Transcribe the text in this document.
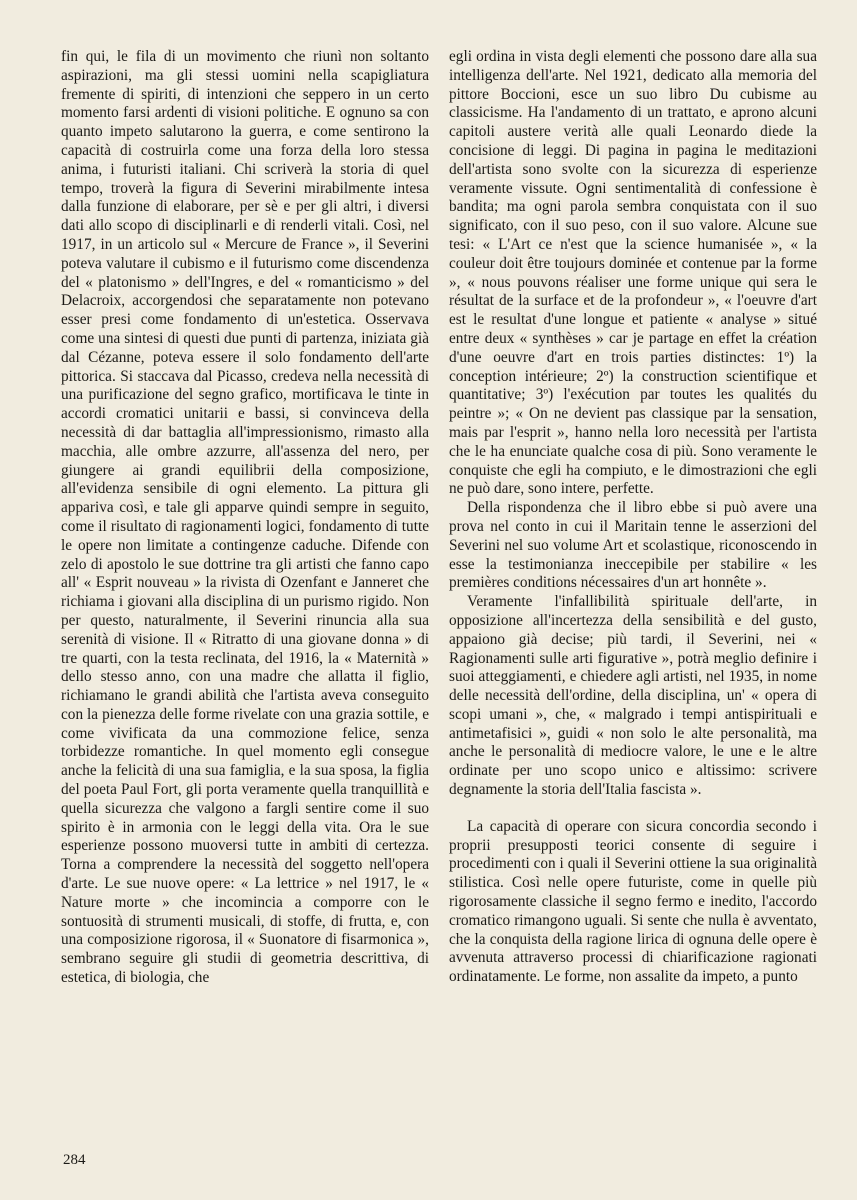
fin qui, le fila di un movimento che riunì non soltanto aspirazioni, ma gli stessi uomini nella scapigliatura fremente di spiriti, di intenzioni che seppero in un certo momento farsi ardenti di visioni politiche. E ognuno sa con quanto impeto salutarono la guerra, e come sentirono la capacità di costruirla come una forza della loro stessa anima, i futuristi italiani. Chi scriverà la storia di quel tempo, troverà la figura di Severini mirabilmente intesa dalla funzione di elaborare, per sè e per gli altri, i diversi dati allo scopo di disciplinarli e di renderli vitali. Così, nel 1917, in un articolo sul « Mercure de France », il Severini poteva valutare il cubismo e il futurismo come discendenza del « platonismo » dell'Ingres, e del « romanticismo » del Delacroix, accorgendosi che separatamente non potevano esser presi come fondamento di un'estetica. Osservava come una sintesi di questi due punti di partenza, iniziata già dal Cézanne, poteva essere il solo fondamento dell'arte pittorica. Si staccava dal Picasso, credeva nella necessità di una purificazione del segno grafico, mortificava le tinte in accordi cromatici unitarii e bassi, si convinceva della necessità di dar battaglia all'impressionismo, rimasto alla macchia, alle ombre azzurre, all'assenza del nero, per giungere ai grandi equilibrii della composizione, all'evidenza sensibile di ogni elemento. La pittura gli appariva così, e tale gli apparve quindi sempre in seguito, come il risultato di ragionamenti logici, fondamento di tutte le opere non limitate a contingenze caduche. Difende con zelo di apostolo le sue dottrine tra gli artisti che fanno capo all' « Esprit nouveau » la rivista di Ozenfant e Janneret che richiama i giovani alla disciplina di un purismo rigido. Non per questo, naturalmente, il Severini rinuncia alla sua serenità di visione. Il « Ritratto di una giovane donna » di tre quarti, con la testa reclinata, del 1916, la « Maternità » dello stesso anno, con una madre che allatta il figlio, richiamano le grandi abilità che l'artista aveva conseguito con la pienezza delle forme rivelate con una grazia sottile, e come vivificata da una commozione felice, senza torbidezze romantiche. In quel momento egli consegue anche la felicità di una sua famiglia, e la sua sposa, la figlia del poeta Paul Fort, gli porta veramente quella tranquillità e quella sicurezza che valgono a fargli sentire come il suo spirito è in armonia con le leggi della vita. Ora le sue esperienze possono muoversi tutte in ambiti di certezza. Torna a comprendere la necessità del soggetto nell'opera d'arte. Le sue nuove opere: « La lettrice » nel 1917, le « Nature morte » che incomincia a comporre con le sontuosità di strumenti musicali, di stoffe, di frutta, e, con una composizione rigorosa, il « Suonatore di fisarmonica », sembrano seguire gli studii di geometria descrittiva, di estetica, di biologia, che

egli ordina in vista degli elementi che possono dare alla sua intelligenza dell'arte. Nel 1921, dedicato alla memoria del pittore Boccioni, esce un suo libro Du cubisme au classicisme. Ha l'andamento di un trattato, e aprono alcuni capitoli austere verità alle quali Leonardo diede la concisione di leggi. Di pagina in pagina le meditazioni dell'artista sono svolte con la sicurezza di esperienze veramente vissute. Ogni sentimentalità di confessione è bandita; ma ogni parola sembra conquistata con il suo significato, con il suo peso, con il suo valore. Alcune sue tesi: « L'Art ce n'est que la science humanisée », « la couleur doit être toujours dominée et contenue par la forme », « nous pouvons réaliser une forme unique qui sera le résultat de la surface et de la profondeur », « l'oeuvre d'art est le resultat d'une longue et patiente « analyse » situé entre deux « synthèses » car je partage en effet la création d'une oeuvre d'art en trois parties distinctes: 1º) la conception intérieure; 2º) la construction scientifique et quantitative; 3º) l'exécution par toutes les qualités du peintre »; « On ne devient pas classique par la sensation, mais par l'esprit », hanno nella loro necessità per l'artista che le ha enunciate qualche cosa di più. Sono veramente le conquiste che egli ha compiuto, e le dimostrazioni che egli ne può dare, sono intere, perfette.

Della rispondenza che il libro ebbe si può avere una prova nel conto in cui il Maritain tenne le asserzioni del Severini nel suo volume Art et scolastique, riconoscendo in esse la testimonianza ineccepibile per stabilire « les premières conditions nécessaires d'un art honnête ».

Veramente l'infallibilità spirituale dell'arte, in opposizione all'incertezza della sensibilità e del gusto, appaiono già decise; più tardi, il Severini, nei « Ragionamenti sulle arti figurative », potrà meglio definire i suoi atteggiamenti, e chiedere agli artisti, nel 1935, in nome delle necessità dell'ordine, della disciplina, un' « opera di scopi umani », che, « malgrado i tempi antispirituali e antimetafisici », guidi « non solo le alte personalità, ma anche le personalità di mediocre valore, le une e le altre ordinate per uno scopo unico e altissimo: scrivere degnamente la storia dell'Italia fascista ».

La capacità di operare con sicura concordia secondo i proprii presupposti teorici consente di seguire i procedimenti con i quali il Severini ottiene la sua originalità stilistica. Così nelle opere futuriste, come in quelle più rigorosamente classiche il segno fermo e inedito, l'accordo cromatico rimangono uguali. Si sente che nulla è avventato, che la conquista della ragione lirica di ognuna delle opere è avvenuta attraverso processi di chiarificazione ragionati ordinatamente. Le forme, non assalite da impeto, a punto

284
